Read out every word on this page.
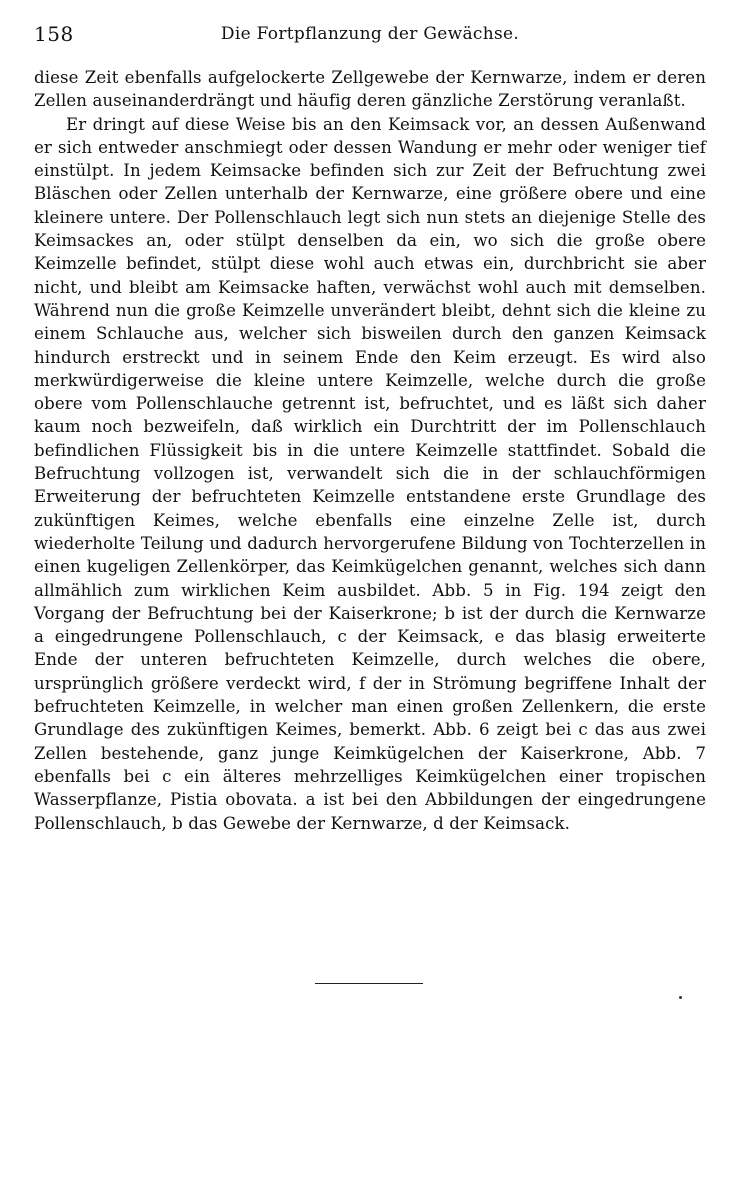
158	Die Fortpflanzung der Gewächse.

diese Zeit ebenfalls aufgelockerte Zellgewebe der Kernwarze, indem er deren Zellen auseinanderdrängt und häufig deren gänzliche Zerstörung veranlaßt.

Er dringt auf diese Weise bis an den Keimsack vor, an dessen Außenwand er sich entweder anschmiegt oder dessen Wandung er mehr oder weniger tief einstülpt. In jedem Keimsacke befinden sich zur Zeit der Befruchtung zwei Bläschen oder Zellen unterhalb der Kernwarze, eine größere obere und eine kleinere untere. Der Pollenschlauch legt sich nun stets an diejenige Stelle des Keimsackes an, oder stülpt denselben da ein, wo sich die große obere Keimzelle befindet, stülpt diese wohl auch etwas ein, durchbricht sie aber nicht, und bleibt am Keimsacke haften, verwächst wohl auch mit demselben. Während nun die große Keimzelle unverändert bleibt, dehnt sich die kleine zu einem Schlauche aus, welcher sich bisweilen durch den ganzen Keimsack hindurch erstreckt und in seinem Ende den Keim erzeugt. Es wird also merkwürdigerweise die kleine untere Keimzelle, welche durch die große obere vom Pollenschlauche getrennt ist, befruchtet, und es läßt sich daher kaum noch bezweifeln, daß wirklich ein Durchtritt der im Pollenschlauch befindlichen Flüssigkeit bis in die untere Keimzelle stattfindet. Sobald die Befruchtung vollzogen ist, verwandelt sich die in der schlauchförmigen Erweiterung der befruchteten Keimzelle entstandene erste Grundlage des zukünftigen Keimes, welche ebenfalls eine einzelne Zelle ist, durch wiederholte Teilung und dadurch hervorgerufene Bildung von Tochterzellen in einen kugeligen Zellenkörper, das Keimkügelchen genannt, welches sich dann allmählich zum wirklichen Keim ausbildet. Abb. 5 in Fig. 194 zeigt den Vorgang der Befruchtung bei der Kaiserkrone; b ist der durch die Kernwarze a eingedrungene Pollenschlauch, c der Keimsack, e das blasig erweiterte Ende der unteren befruchteten Keimzelle, durch welches die obere, ursprünglich größere verdeckt wird, f der in Strömung begriffene Inhalt der befruchteten Keimzelle, in welcher man einen großen Zellenkern, die erste Grundlage des zukünftigen Keimes, bemerkt. Abb. 6 zeigt bei c das aus zwei Zellen bestehende, ganz junge Keimkügelchen der Kaiserkrone, Abb. 7 ebenfalls bei c ein älteres mehrzelliges Keimkügelchen einer tropischen Wasserpflanze, Pistia obovata. a ist bei den Abbildungen der eingedrungene Pollenschlauch, b das Gewebe der Kernwarze, d der Keimsack.
